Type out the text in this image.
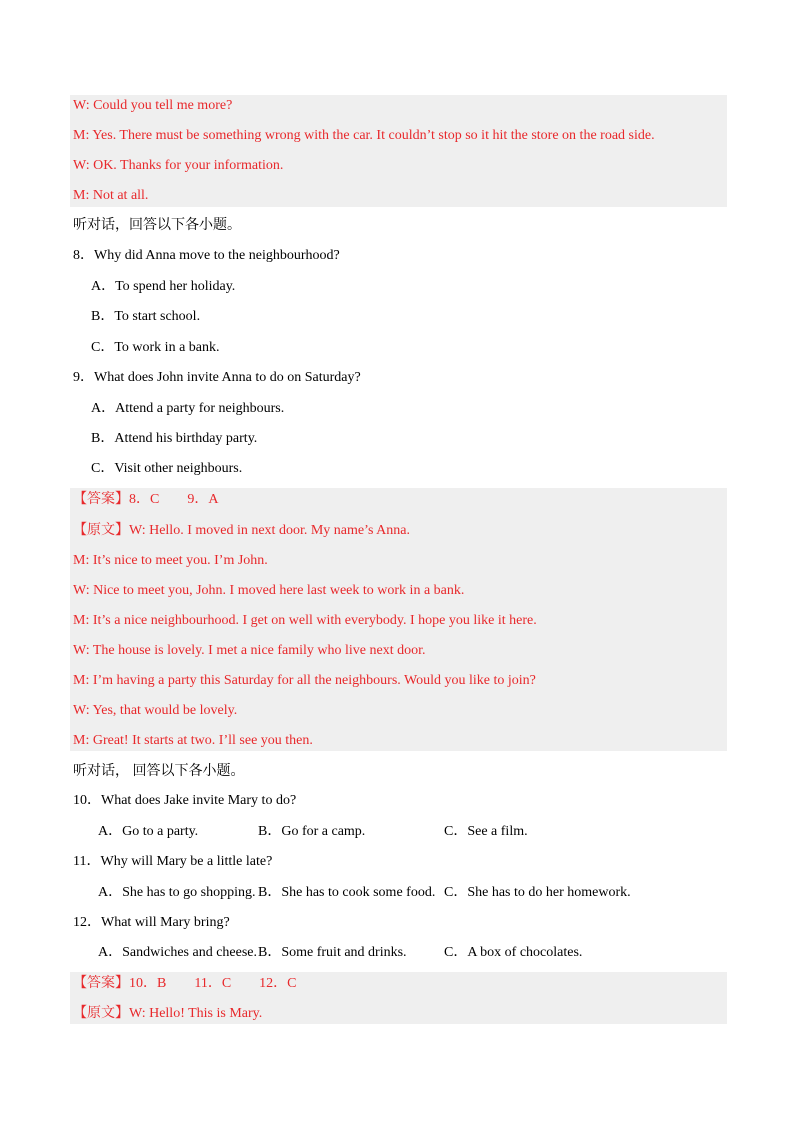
W: Could you tell me more?
M: Yes. There must be something wrong with the car. It couldn’t stop so it hit the store on the road side.
W: OK. Thanks for your information.
M: Not at all.
听对话，回答以下各小题。
8．Why did Anna move to the neighbourhood?
A．To spend her holiday.
B．To start school.
C．To work in a bank.
9．What does John invite Anna to do on Saturday?
A．Attend a party for neighbours.
B．Attend his birthday party.
C．Visit other neighbours.
【答案】8．C　　9．A
【原文】W: Hello. I moved in next door. My name’s Anna.
M: It’s nice to meet you. I’m John.
W: Nice to meet you, John. I moved here last week to work in a bank.
M: It’s a nice neighbourhood. I get on well with everybody. I hope you like it here.
W: The house is lovely. I met a nice family who live next door.
M: I’m having a party this Saturday for all the neighbours. Would you like to join?
W: Yes, that would be lovely.
M: Great! It starts at two. I’ll see you then.
听对话， 回答以下各小题。
10．What does Jake invite Mary to do?
A．Go to a party.	B．Go for a camp.	C．See a film.
11．Why will Mary be a little late?
A．She has to go shopping. B．She has to cook some food. C．She has to do her homework.
12．What will Mary bring?
A．Sandwiches and cheese. B．Some fruit and drinks.	C．A box of chocolates.
【答案】10．B　　11．C　　12．C
【原文】W: Hello! This is Mary.
